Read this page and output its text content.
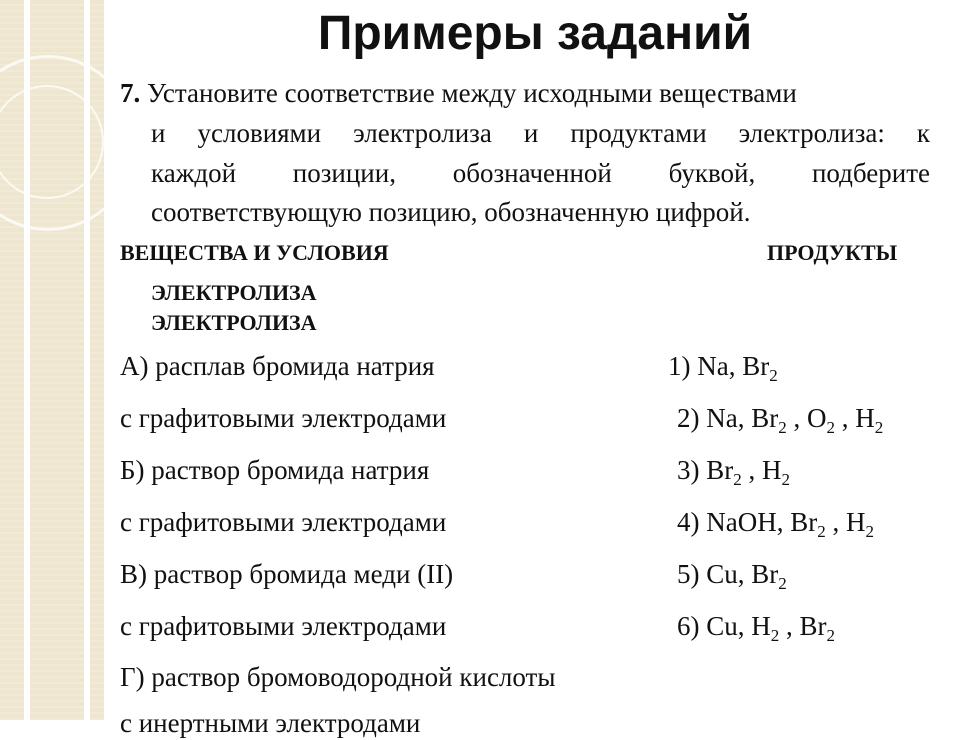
Примеры заданий
7. Установите соответствие между исходными веществами
и условиями электролиза и продуктами электролиза: к
каждой позиции, обозначенной буквой, подберите
соответствующую позицию, обозначенную цифрой.
ВЕЩЕСТВА И УСЛОВИЯ	ПРОДУКТЫ
ЭЛЕКТРОЛИЗА
ЭЛЕКТРОЛИЗА
А) расплав бромида натрия
с графитовыми электродами
Б) раствор бромида натрия
с графитовыми электродами
В) раствор бромида меди (II)
с графитовыми электродами
Г) раствор бромоводородной кислоты
с инертными электродами
1) Na, $Br_2$
2) Na, $Br_2$ , $O_2$ , $H_2$
3) $Br_2$ , $H_2$
4) NaOH, $Br_2$ , $H_2$
5) Cu, $Br_2$
6) Cu, $H_2$ , $Br_2$
